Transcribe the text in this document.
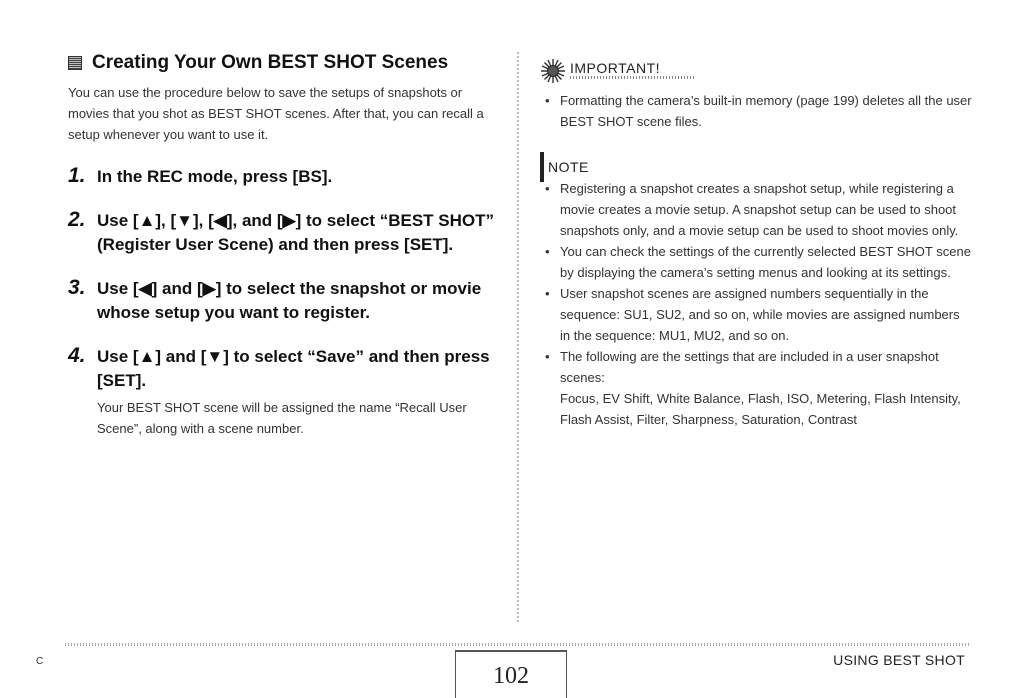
Creating Your Own BEST SHOT Scenes
You can use the procedure below to save the setups of snapshots or movies that you shot as BEST SHOT scenes. After that, you can recall a setup whenever you want to use it.
1. In the REC mode, press [BS].
2. Use [▲], [▼], [◀], and [▶] to select “BEST SHOT” (Register User Scene) and then press [SET].
3. Use [◀] and [▶] to select the snapshot or movie whose setup you want to register.
4. Use [▲] and [▼] to select “Save” and then press [SET].
Your BEST SHOT scene will be assigned the name “Recall User Scene”, along with a scene number.
IMPORTANT!
• Formatting the camera’s built-in memory (page 199) deletes all the user BEST SHOT scene files.
NOTE
• Registering a snapshot creates a snapshot setup, while registering a movie creates a movie setup. A snapshot setup can be used to shoot snapshots only, and a movie setup can be used to shoot movies only.
• You can check the settings of the currently selected BEST SHOT scene by displaying the camera’s setting menus and looking at its settings.
• User snapshot scenes are assigned numbers sequentially in the sequence: SU1, SU2, and so on, while movies are assigned numbers in the sequence: MU1, MU2, and so on.
• The following are the settings that are included in a user snapshot scenes:
Focus, EV Shift, White Balance, Flash, ISO, Metering, Flash Intensity, Flash Assist, Filter, Sharpness, Saturation, Contrast
C
102
USING BEST SHOT
